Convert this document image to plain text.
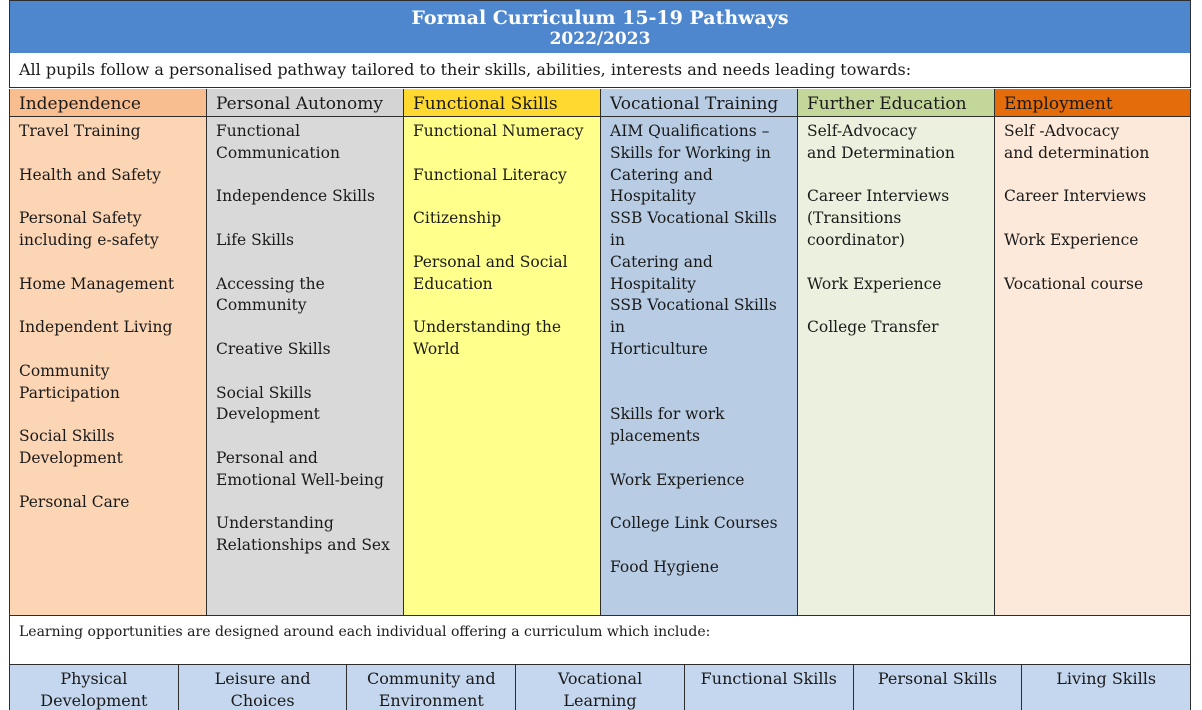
Formal Curriculum 15-19 Pathways
2022/2023
All pupils follow a personalised pathway tailored to their skills, abilities, interests and needs leading towards:
Independence
Travel Training
Health and Safety
Personal Safety
including e-safety
Home Management
Independent Living
Community
Participation
Social Skills
Development
Personal Care
Personal Autonomy
Functional
Communication
Independence Skills
Life Skills
Accessing the
Community
Creative Skills
Social Skills
Development
Personal and
Emotional Well-being
Understanding
Relationships and Sex
Functional Skills
Functional Numeracy
Functional Literacy
Citizenship
Personal and Social
Education
Understanding the
World
Vocational Training
AIM Qualifications –
Skills for Working in
Catering and
Hospitality
SSB Vocational Skills in
Catering and
Hospitality
SSB Vocational Skills in
Horticulture
Skills for work
placements
Work Experience
College Link Courses
Food Hygiene
Further Education
Self-Advocacy
and Determination
Career Interviews
(Transitions
coordinator)
Work Experience
College Transfer
Employment
Self -Advocacy
and determination
Career Interviews
Work Experience
Vocational course
Learning opportunities are designed around each individual offering a curriculum which include:
Physical
Development
Leisure and
Choices
Community and
Environment
Vocational
Learning
Functional Skills	Personal Skills	Living Skills
